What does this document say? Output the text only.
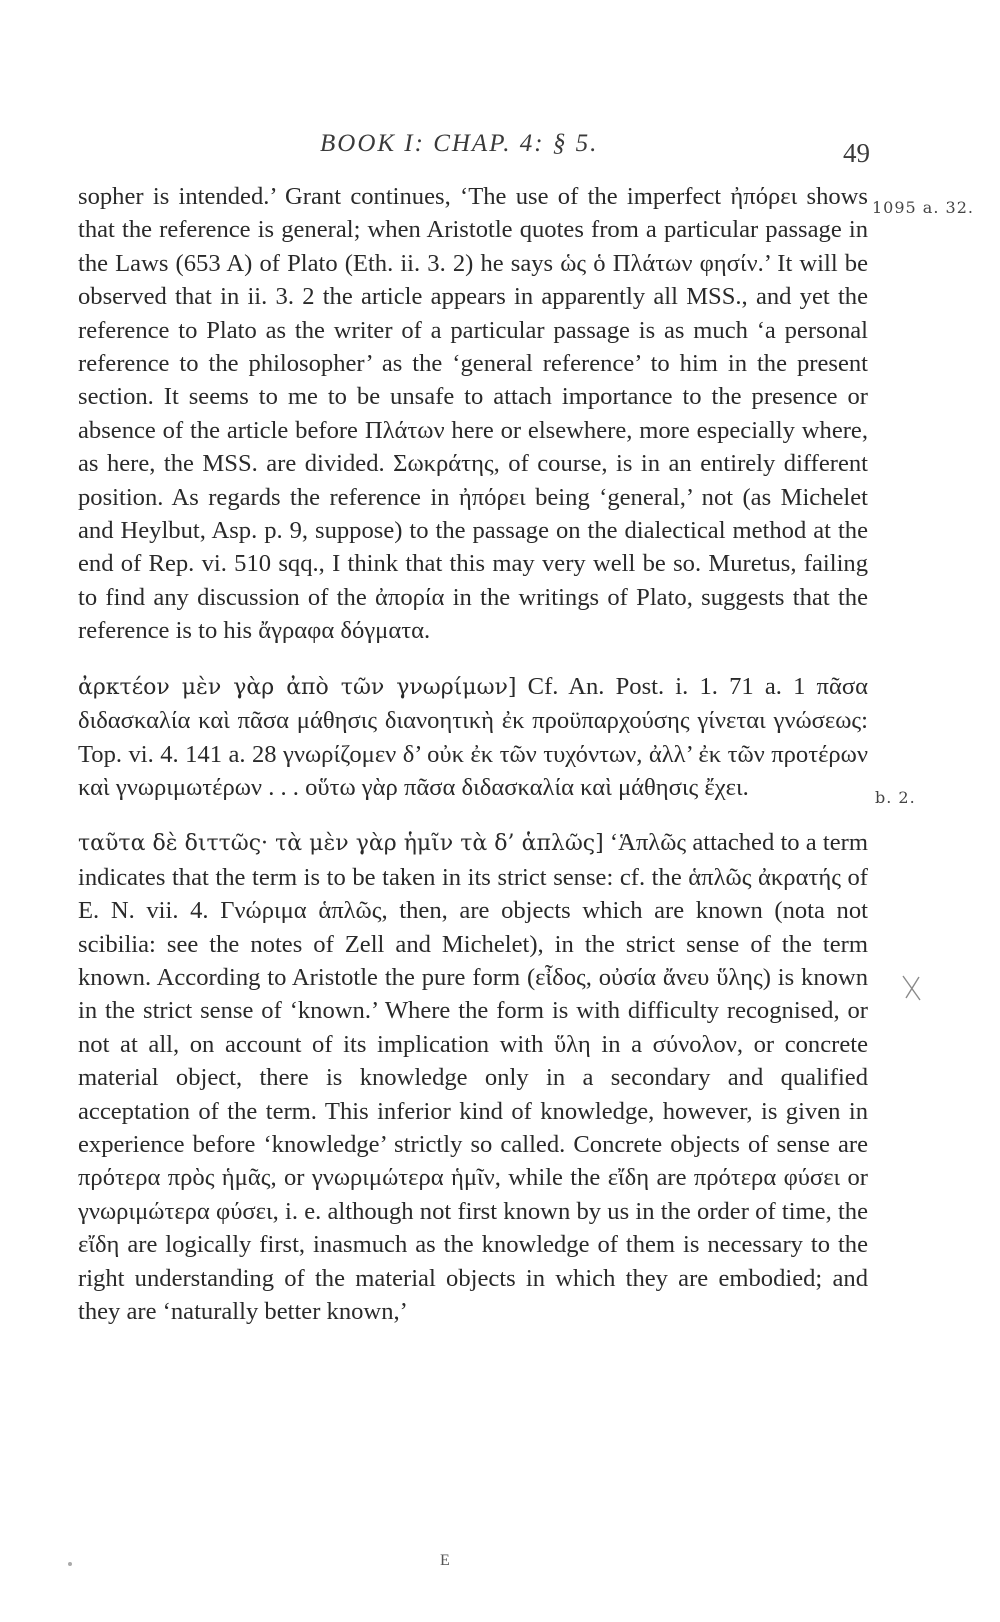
BOOK I: CHAP. 4: § 5.	49
1095 a. 32.
b. 2.

sopher is intended.’ Grant continues, ‘The use of the imperfect ἠπόρει shows that the reference is general; when Aristotle quotes from a particular passage in the Laws (653 A) of Plato (Eth. ii. 3. 2) he says ὡς ὁ Πλάτων φησίν.’ It will be observed that in ii. 3. 2 the article appears in apparently all MSS., and yet the reference to Plato as the writer of a particular passage is as much ‘a personal reference to the philosopher’ as the ‘general reference’ to him in the present section. It seems to me to be unsafe to attach importance to the presence or absence of the article before Πλάτων here or elsewhere, more especially where, as here, the MSS. are divided. Σωκράτης, of course, is in an entirely different position. As regards the reference in ἠπόρει being ‘general,’ not (as Michelet and Heylbut, Asp. p. 9, suppose) to the passage on the dialectical method at the end of Rep. vi. 510 sqq., I think that this may very well be so. Muretus, failing to find any discussion of the ἀπορία in the writings of Plato, suggests that the reference is to his ἄγραφα δόγματα.

ἀρκτέον μὲν γὰρ ἀπὸ τῶν γνωρίμων] Cf. An. Post. i. 1. 71 a. 1 πᾶσα διδασκαλία καὶ πᾶσα μάθησις διανοητικὴ ἐκ προϋπαρχούσης γίνεται γνώσεως: Top. vi. 4. 141 a. 28 γνωρίζομεν δ’ οὐκ ἐκ τῶν τυχόντων, ἀλλ’ ἐκ τῶν προτέρων καὶ γνωριμωτέρων . . . οὕτω γὰρ πᾶσα διδασκαλία καὶ μάθησις ἔχει.

ταῦτα δὲ διττῶς· τὰ μὲν γὰρ ἡμῖν τὰ δ’ ἁπλῶς] ‘Ἁπλῶς attached to a term indicates that the term is to be taken in its strict sense: cf. the ἁπλῶς ἀκρατής of E. N. vii. 4. Γνώριμα ἁπλῶς, then, are objects which are known (nota not scibilia: see the notes of Zell and Michelet), in the strict sense of the term known. According to Aristotle the pure form (εἶδος, οὐσία ἄνευ ὕλης) is known in the strict sense of ‘known.’ Where the form is with difficulty recognised, or not at all, on account of its implication with ὕλη in a σύνολον, or concrete material object, there is knowledge only in a secondary and qualified acceptation of the term. This inferior kind of knowledge, however, is given in experience before ‘knowledge’ strictly so called. Concrete objects of sense are πρότερα πρὸς ἡμᾶς, or γνωριμώτερα ἡμῖν, while the εἴδη are πρότερα φύσει or γνωριμώτερα φύσει, i. e. although not first known by us in the order of time, the εἴδη are logically first, inasmuch as the knowledge of them is necessary to the right understanding of the material objects in which they are embodied; and they are ‘naturally better known,’

E
